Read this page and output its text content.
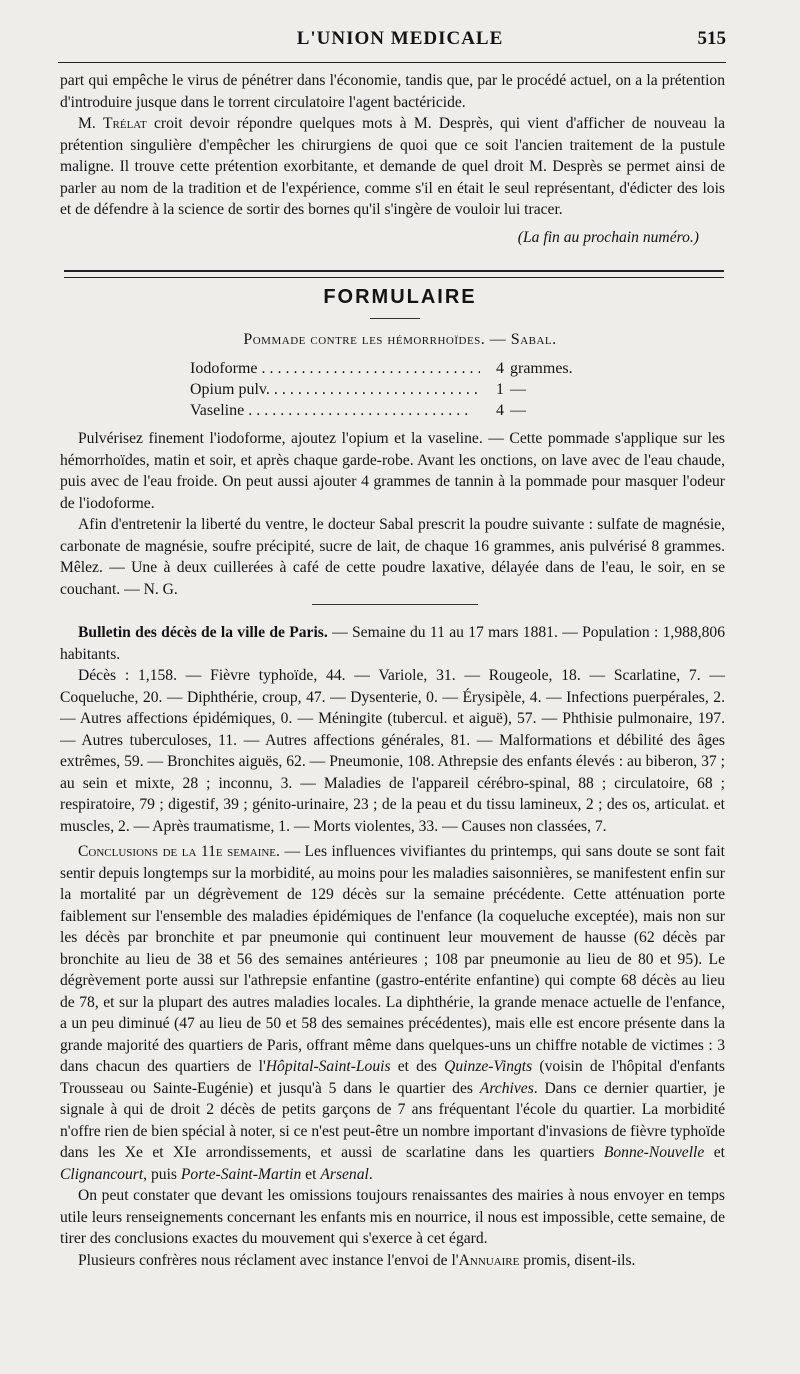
L'UNION MEDICALE	515

part qui empêche le virus de pénétrer dans l'économie, tandis que, par le procédé actuel, on a la prétention d'introduire jusque dans le torrent circulatoire l'agent bactéricide.

M. Trélat croit devoir répondre quelques mots à M. Desprès, qui vient d'afficher de nouveau la prétention singulière d'empêcher les chirurgiens de quoi que ce soit l'ancien traitement de la pustule maligne. Il trouve cette prétention exorbitante, et demande de quel droit M. Desprès se permet ainsi de parler au nom de la tradition et de l'expérience, comme s'il en était le seul représentant, d'édicter des lois et de défendre à la science de sortir des bornes qu'il s'ingère de vouloir lui tracer.

(La fin au prochain numéro.)

FORMULAIRE
Pommade contre les hémorrhoïdes. — Sabal.
Iodoforme . . .	4 grammes.
Opium pulv. . . .	1 —
Vaseline . . .	4 —

Pulvérisez finement l'iodoforme, ajoutez l'opium et la vaseline. — Cette pommade s'applique sur les hémorrhoïdes, matin et soir, et après chaque garde-robe. Avant les onctions, on lave avec de l'eau chaude, puis avec de l'eau froide. On peut aussi ajouter 4 grammes de tannin à la pommade pour masquer l'odeur de l'iodoforme.

Afin d'entretenir la liberté du ventre, le docteur Sabal prescrit la poudre suivante : sulfate de magnésie, carbonate de magnésie, soufre précipité, sucre de lait, de chaque 16 grammes, anis pulvérisé 8 grammes. Mêlez. — Une à deux cuillerées à café de cette poudre laxative, délayée dans de l'eau, le soir, en se couchant. — N. G.

Bulletin des décès de la ville de Paris. — Semaine du 11 au 17 mars 1881. — Population : 1,988,806 habitants.

Décès : 1,158. — Fièvre typhoïde, 44. — Variole, 31. — Rougeole, 18. — Scarlatine, 7. — Coqueluche, 20. — Diphthérie, croup, 47. — Dysenterie, 0. — Érysipèle, 4. — Infections puerpérales, 2. — Autres affections épidémiques, 0. — Méningite (tubercul. et aiguë), 57. — Phthisie pulmonaire, 197. — Autres tuberculoses, 11. — Autres affections générales, 81. — Malformations et débilité des âges extrêmes, 59. — Bronchites aiguës, 62. — Pneumonie, 108. Athrepsie des enfants élevés : au biberon, 37 ; au sein et mixte, 28 ; inconnu, 3. — Maladies de l'appareil cérébro-spinal, 88 ; circulatoire, 68 ; respiratoire, 79 ; digestif, 39 ; génito-urinaire, 23 ; de la peau et du tissu lamineux, 2 ; des os, articulat. et muscles, 2. — Après traumatisme, 1. — Morts violentes, 33. — Causes non classées, 7.

Conclusions de la 11e semaine. — Les influences vivifiantes du printemps, qui sans doute se sont fait sentir depuis longtemps sur la morbidité, au moins pour les maladies saisonnières, se manifestent enfin sur la mortalité par un dégrèvement de 129 décès sur la semaine précédente. Cette atténuation porte faiblement sur l'ensemble des maladies épidémiques de l'enfance (la coqueluche exceptée), mais non sur les décès par bronchite et par pneumonie qui continuent leur mouvement de hausse (62 décès par bronchite au lieu de 38 et 56 des semaines antérieures ; 108 par pneumonie au lieu de 80 et 95). Le dégrèvement porte aussi sur l'athrepsie enfantine (gastro-entérite enfantine) qui compte 68 décès au lieu de 78, et sur la plupart des autres maladies locales. La diphthérie, la grande menace actuelle de l'enfance, a un peu diminué (47 au lieu de 50 et 58 des semaines précédentes), mais elle est encore présente dans la grande majorité des quartiers de Paris, offrant même dans quelques-uns un chiffre notable de victimes : 3 dans chacun des quartiers de l'Hôpital-Saint-Louis et des Quinze-Vingts (voisin de l'hôpital d'enfants Trousseau ou Sainte-Eugénie) et jusqu'à 5 dans le quartier des Archives. Dans ce dernier quartier, je signale à qui de droit 2 décès de petits garçons de 7 ans fréquentant l'école du quartier. La morbidité n'offre rien de bien spécial à noter, si ce n'est peut-être un nombre important d'invasions de fièvre typhoïde dans les Xe et XIe arrondissements, et aussi de scarlatine dans les quartiers Bonne-Nouvelle et Clignancourt, puis Porte-Saint-Martin et Arsenal.

On peut constater que devant les omissions toujours renaissantes des mairies à nous envoyer en temps utile leurs renseignements concernant les enfants mis en nourrice, il nous est impossible, cette semaine, de tirer des conclusions exactes du mouvement qui s'exerce à cet égard.

Plusieurs confrères nous réclament avec instance l'envoi de l'Annuaire promis, disent-ils.
